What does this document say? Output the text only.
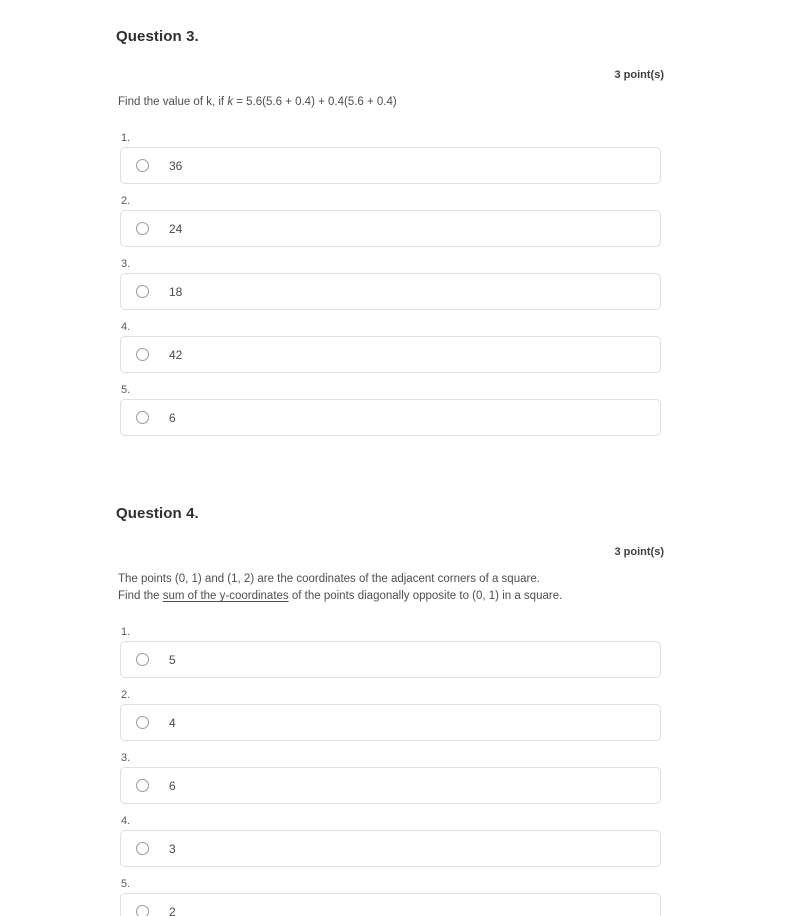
Question 3.
3 point(s)
Find the value of k, if k = 5.6(5.6 + 0.4) + 0.4(5.6 + 0.4)
1.
36
2.
24
3.
18
4.
42
5.
6
Question 4.
3 point(s)
The points (0, 1) and (1, 2) are the coordinates of the adjacent corners of a square.
Find the sum of the y-coordinates of the points diagonally opposite to (0, 1) in a square.
1.
5
2.
4
3.
6
4.
3
5.
2
